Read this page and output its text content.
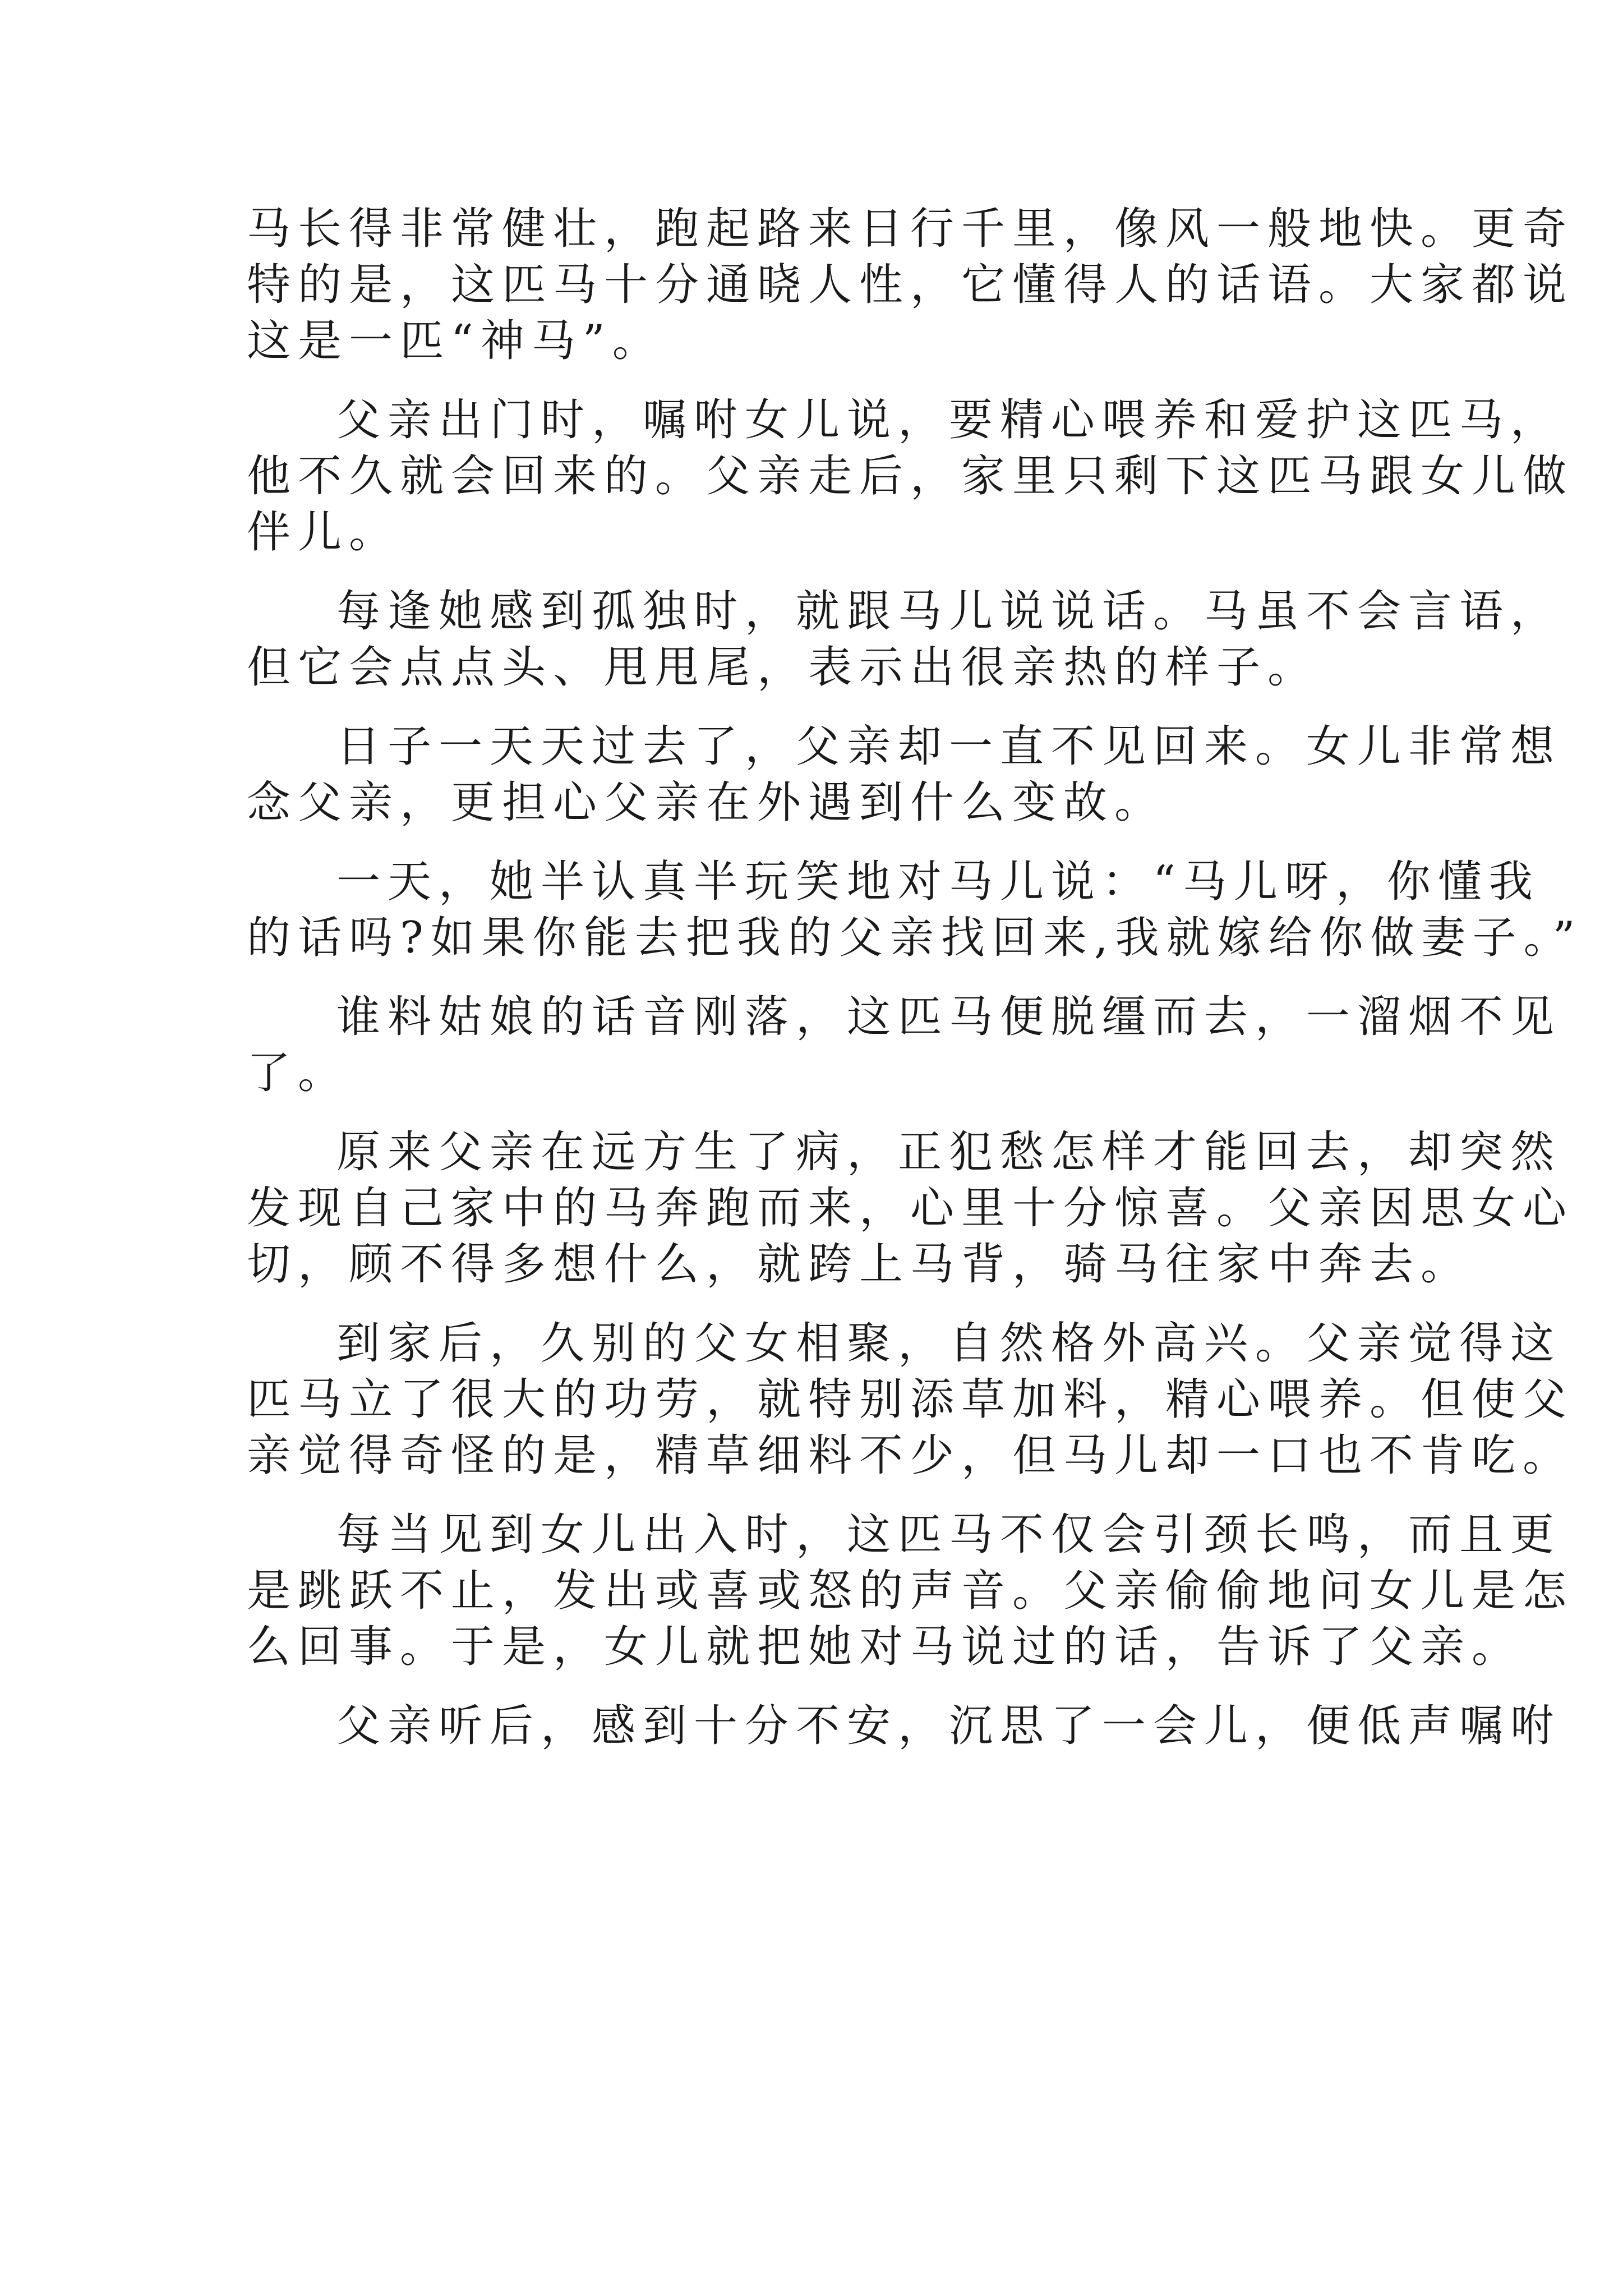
马长得非常健壮，跑起路来日行千里，像风一般地快。更奇
特的是，这匹马十分通晓人性，它懂得人的话语。大家都说
这是一匹“神马”。
父亲出门时，嘱咐女儿说，要精心喂养和爱护这匹马，
他不久就会回来的。父亲走后，家里只剩下这匹马跟女儿做
伴儿。
每逢她感到孤独时，就跟马儿说说话。马虽不会言语，
但它会点点头、甩甩尾，表示出很亲热的样子。
日子一天天过去了，父亲却一直不见回来。女儿非常想
念父亲，更担心父亲在外遇到什么变故。
一天，她半认真半玩笑地对马儿说：“马儿呀，你懂我
的话吗?如果你能去把我的父亲找回来,我就嫁给你做妻子。”
谁料姑娘的话音刚落，这匹马便脱缰而去，一溜烟不见
了。
原来父亲在远方生了病，正犯愁怎样才能回去，却突然
发现自己家中的马奔跑而来，心里十分惊喜。父亲因思女心
切，顾不得多想什么，就跨上马背，骑马往家中奔去。
到家后，久别的父女相聚，自然格外高兴。父亲觉得这
匹马立了很大的功劳，就特别添草加料，精心喂养。但使父
亲觉得奇怪的是，精草细料不少，但马儿却一口也不肯吃。
每当见到女儿出入时，这匹马不仅会引颈长鸣，而且更
是跳跃不止，发出或喜或怒的声音。父亲偷偷地问女儿是怎
么回事。于是，女儿就把她对马说过的话，告诉了父亲。
父亲听后，感到十分不安，沉思了一会儿，便低声嘱咐
